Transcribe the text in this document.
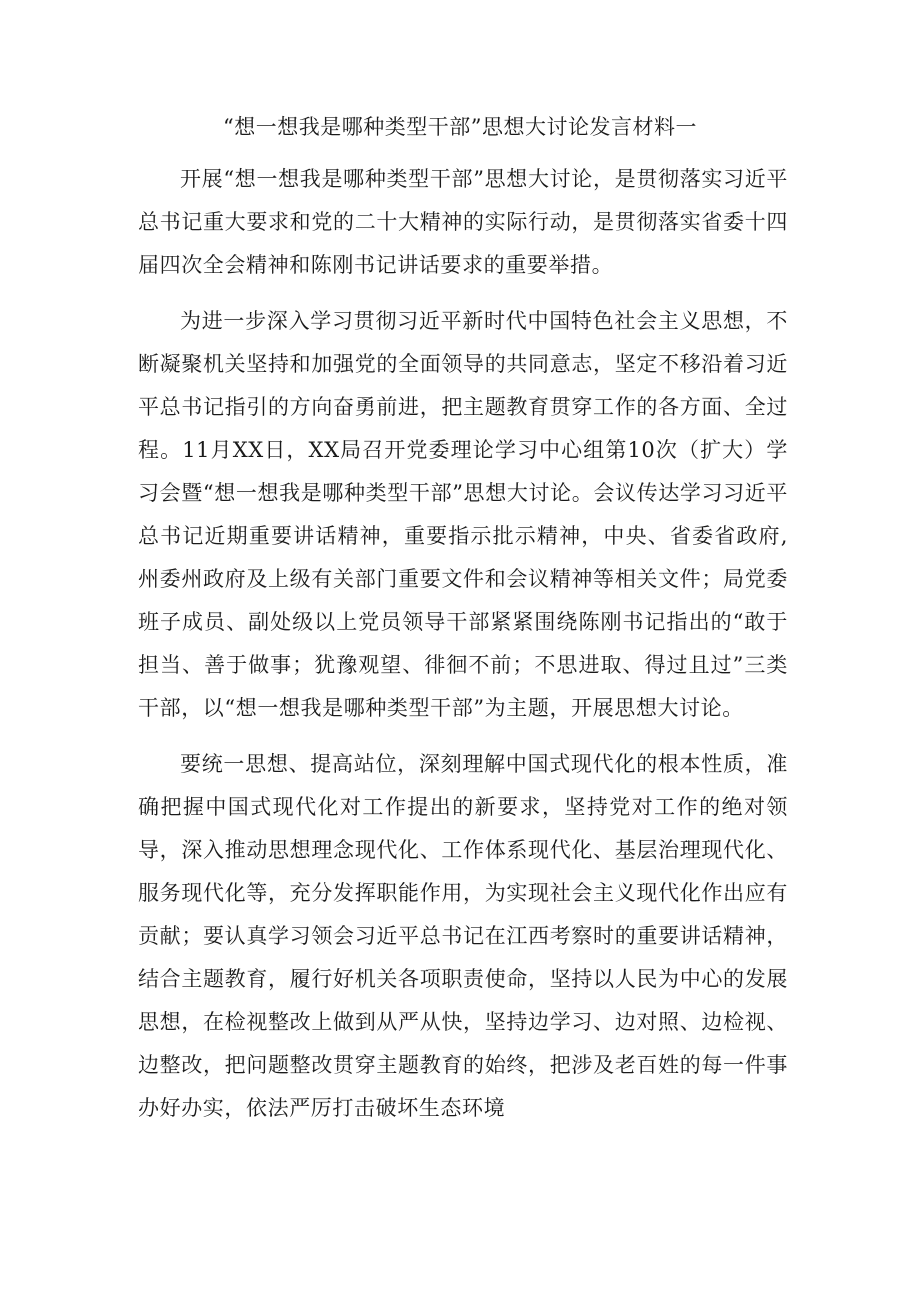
“想一想我是哪种类型干部”思想大讨论发言材料一

开展“想一想我是哪种类型干部”思想大讨论，是贯彻落实习近平总书记重大要求和党的二十大精神的实际行动，是贯彻落实省委十四届四次全会精神和陈刚书记讲话要求的重要举措。

为进一步深入学习贯彻习近平新时代中国特色社会主义思想，不断凝聚机关坚持和加强党的全面领导的共同意志，坚定不移沿着习近平总书记指引的方向奋勇前进，把主题教育贯穿工作的各方面、全过程。11月XX日，XX局召开党委理论学习中心组第10次（扩大）学习会暨“想一想我是哪种类型干部”思想大讨论。会议传达学习习近平总书记近期重要讲话精神，重要指示批示精神，中央、省委省政府,州委州政府及上级有关部门重要文件和会议精神等相关文件；局党委班子成员、副处级以上党员领导干部紧紧围绕陈刚书记指出的“敢于担当、善于做事；犹豫观望、徘徊不前；不思进取、得过且过”三类干部，以“想一想我是哪种类型干部”为主题，开展思想大讨论。

要统一思想、提高站位，深刻理解中国式现代化的根本性质，准确把握中国式现代化对工作提出的新要求，坚持党对工作的绝对领导，深入推动思想理念现代化、工作体系现代化、基层治理现代化、服务现代化等，充分发挥职能作用，为实现社会主义现代化作出应有贡献；要认真学习领会习近平总书记在江西考察时的重要讲话精神，结合主题教育，履行好机关各项职责使命，坚持以人民为中心的发展思想，在检视整改上做到从严从快，坚持边学习、边对照、边检视、边整改，把问题整改贯穿主题教育的始终，把涉及老百姓的每一件事办好办实，依法严厉打击破坏生态环境
